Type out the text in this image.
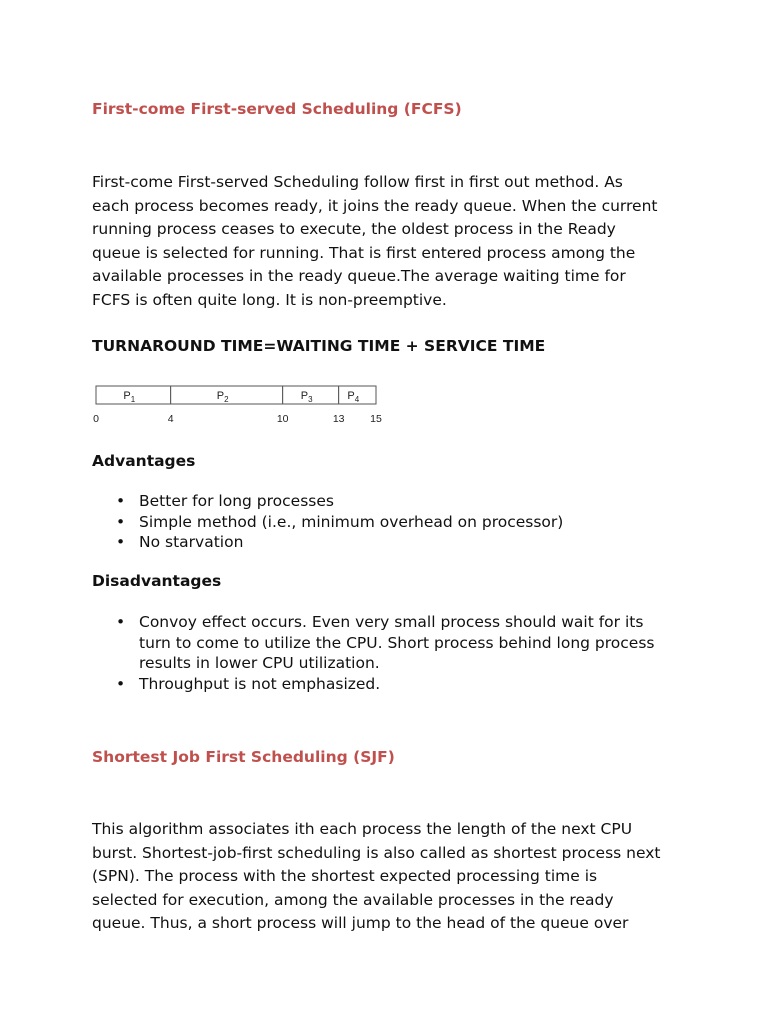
First-come First-served Scheduling (FCFS)
First-come First-served Scheduling follow first in first out method. As
each process becomes ready, it joins the ready queue. When the current
running process ceases to execute, the oldest process in the Ready
queue is selected for running. That is first entered process among the
available processes in the ready queue.The average waiting time for
FCFS is often quite long. It is non-preemptive.

TURNAROUND TIME=WAITING TIME + SERVICE TIME

$P_1$	$P_2$	$P_3$	$P_4$
0	4	10	13 15
Advantages
• Better for long processes
• Simple method (i.e., minimum overhead on processor)
• No starvation
Disadvantages
• Convoy effect occurs. Even very small process should wait for its
turn to come to utilize the CPU. Short process behind long process
results in lower CPU utilization.
• Throughput is not emphasized.
Shortest Job First Scheduling (SJF)
This algorithm associates ith each process the length of the next CPU
burst. Shortest-job-first scheduling is also called as shortest process next
(SPN). The process with the shortest expected processing time is
selected for execution, among the available processes in the ready
queue. Thus, a short process will jump to the head of the queue over
